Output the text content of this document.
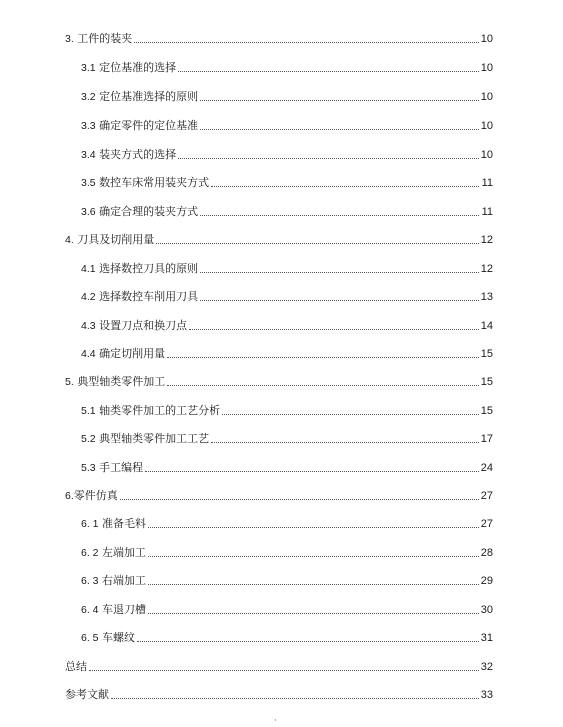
3. 工件的装夹	10
3.1 定位基准的选择	10
3.2 定位基准选择的原则	10
3.3 确定零件的定位基准	10
3.4 装夹方式的选择	10
3.5 数控车床常用装夹方式	11
3.6 确定合理的装夹方式	11
4. 刀具及切削用量	12
4.1 选择数控刀具的原则	12
4.2 选择数控车削用刀具	13
4.3 设置刀点和换刀点	14
4.4 确定切削用量	15
5. 典型轴类零件加工	15
5.1 轴类零件加工的工艺分析	15
5.2 典型轴类零件加工工艺	17
5.3 手工编程	24
6.零件仿真	27
6. 1 准备毛料	27
6. 2 左端加工	28
6. 3 右端加工	29
6. 4 车退刀槽	30
6. 5 车螺纹	31
总结	32
参考文献	33
·
